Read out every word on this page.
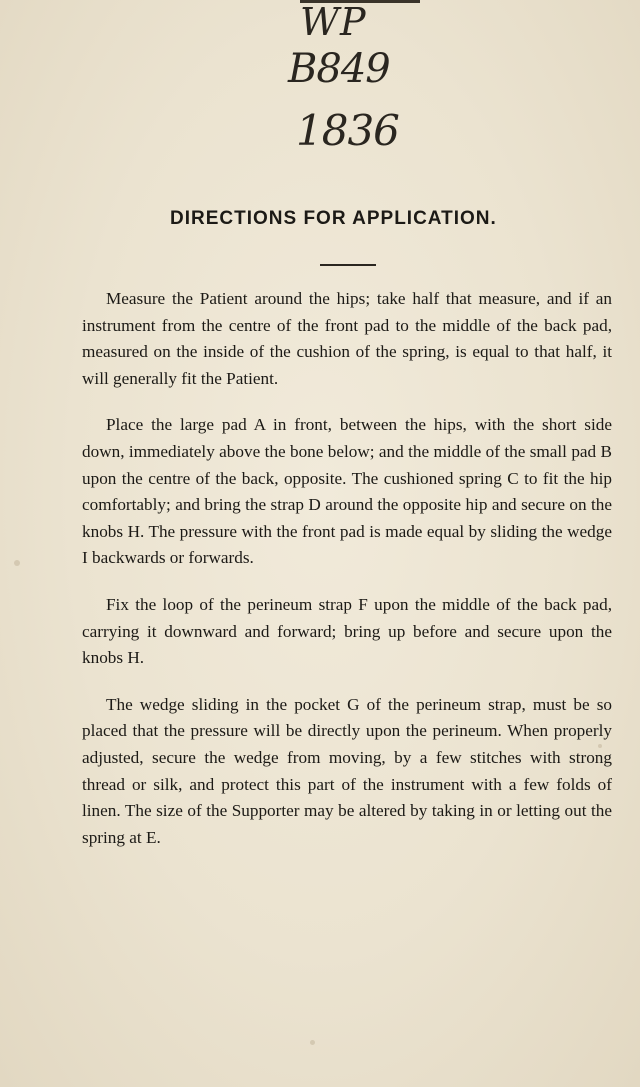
WP
B849
1836
DIRECTIONS FOR APPLICATION.

Measure the Patient around the hips; take half that measure, and if an instrument from the centre of the front pad to the middle of the back pad, measured on the inside of the cushion of the spring, is equal to that half, it will generally fit the Patient.

Place the large pad A in front, between the hips, with the short side down, immediately above the bone below; and the middle of the small pad B upon the centre of the back, opposite. The cushioned spring C to fit the hip comfortably; and bring the strap D around the opposite hip and secure on the knobs H. The pressure with the front pad is made equal by sliding the wedge I backwards or forwards.

Fix the loop of the perineum strap F upon the middle of the back pad, carrying it downward and forward; bring up before and secure upon the knobs H.

The wedge sliding in the pocket G of the perineum strap, must be so placed that the pressure will be directly upon the perineum. When properly adjusted, secure the wedge from moving, by a few stitches with strong thread or silk, and protect this part of the instrument with a few folds of linen. The size of the Supporter may be altered by taking in or letting out the spring at E.
